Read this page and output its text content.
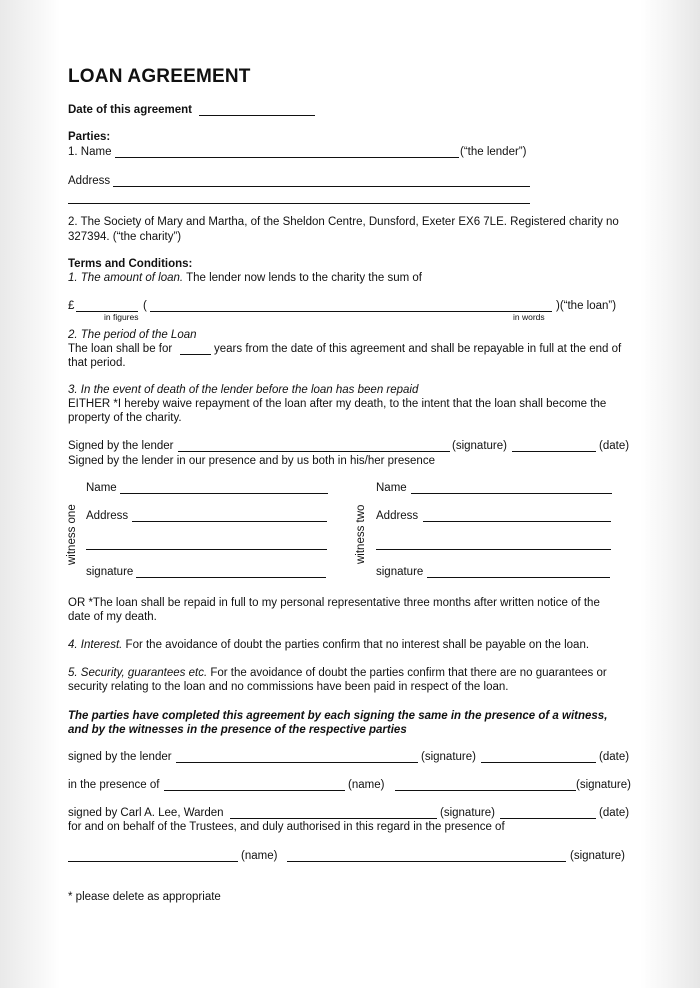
LOAN AGREEMENT
Date of this agreement
Parties:
1. Name	(“the lender”)
Address
2. The Society of Mary and Martha, of the Sheldon Centre, Dunsford, Exeter EX6 7LE. Registered charity no
327394. (“the charity”)
Terms and Conditions:
1. The amount of loan. The lender now lends to the charity the sum of
£	(	)(“the loan”)
in figures	in words
2. The period of the Loan
The loan shall be for	years from the date of this agreement and shall be repayable in full at the end of
that period.
3. In the event of death of the lender before the loan has been repaid
EITHER *I hereby waive repayment of the loan after my death, to the intent that the loan shall become the
property of the charity.
Signed by the lender	(signature)	(date)
Signed by the lender in our presence and by us both in his/her presence
witness one
Name
Address
signature
witness two
Name
Address
signature
OR *The loan shall be repaid in full to my personal representative three months after written notice of the
date of my death.
4. Interest. For the avoidance of doubt the parties confirm that no interest shall be payable on the loan.
5. Security, guarantees etc. For the avoidance of doubt the parties confirm that there are no guarantees or
security relating to the loan and no commissions have been paid in respect of the loan.
The parties have completed this agreement by each signing the same in the presence of a witness,
and by the witnesses in the presence of the respective parties
signed by the lender	(signature)	(date)
in the presence of	(name)	(signature)
signed by Carl A. Lee, Warden	(signature)	(date)
for and on behalf of the Trustees, and duly authorised in this regard in the presence of
(name)	(signature)
* please delete as appropriate
